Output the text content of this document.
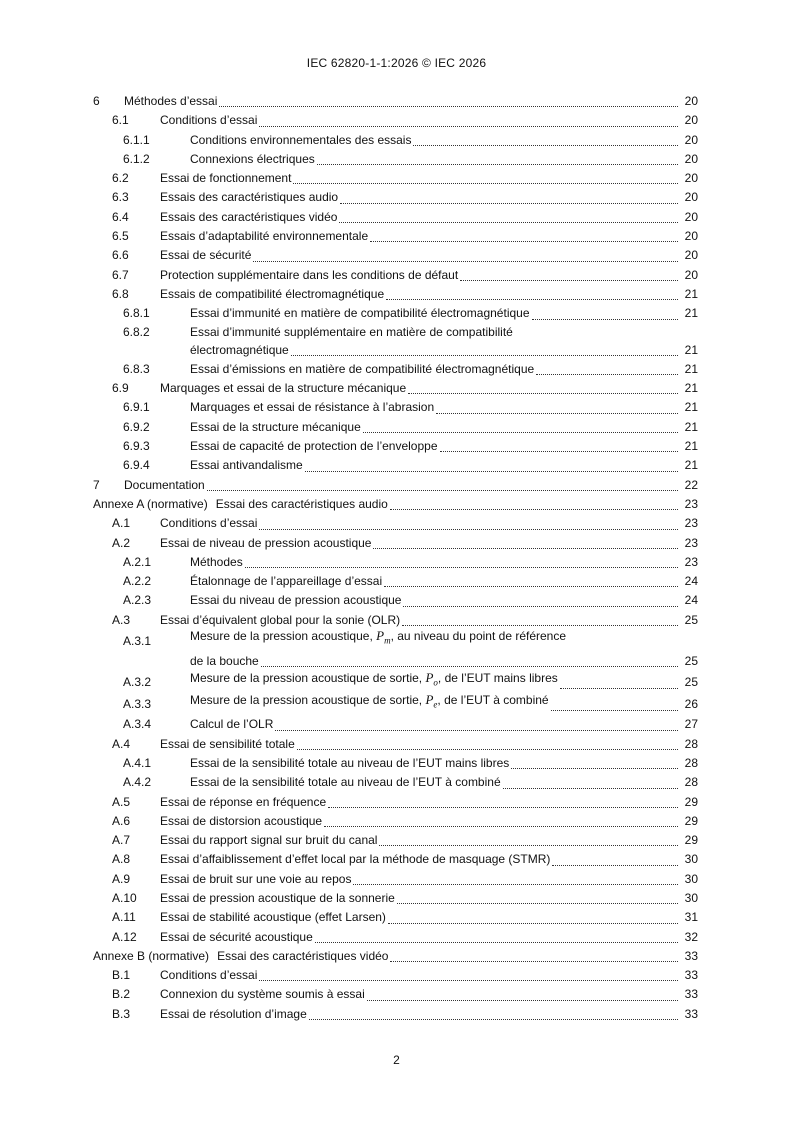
IEC 62820-1-1:2026 © IEC 2026
6	Méthodes d’essai	20
6.1	Conditions d’essai	20
6.1.1	Conditions environnementales des essais	20
6.1.2	Connexions électriques	20
6.2	Essai de fonctionnement	20
6.3	Essais des caractéristiques audio	20
6.4	Essais des caractéristiques vidéo	20
6.5	Essais d’adaptabilité environnementale	20
6.6	Essai de sécurité	20
6.7	Protection supplémentaire dans les conditions de défaut	20
6.8	Essais de compatibilité électromagnétique	21
6.8.1	Essai d’immunité en matière de compatibilité électromagnétique	21
6.8.2	Essai d’immunité supplémentaire en matière de compatibilité
électromagnétique	21
6.8.3	Essai d’émissions en matière de compatibilité électromagnétique	21
6.9	Marquages et essai de la structure mécanique	21
6.9.1	Marquages et essai de résistance à l’abrasion	21
6.9.2	Essai de la structure mécanique	21
6.9.3	Essai de capacité de protection de l’enveloppe	21
6.9.4	Essai antivandalisme	21
7	Documentation	22
Annexe A (normative) Essai des caractéristiques audio	23
A.1	Conditions d’essai	23
A.2	Essai de niveau de pression acoustique	23
A.2.1	Méthodes	23
A.2.2	Étalonnage de l’appareillage d’essai	24
A.2.3	Essai du niveau de pression acoustique	24
A.3	Essai d’équivalent global pour la sonie (OLR)	25
A.3.1	Mesure de la pression acoustique, $P_m$, au niveau du point de référence
de la bouche	25
A.3.2	Mesure de la pression acoustique de sortie, $P_o$, de l’EUT mains libres	25
A.3.3	Mesure de la pression acoustique de sortie, $P_e$, de l’EUT à combiné	26
A.3.4	Calcul de l’OLR	27
A.4	Essai de sensibilité totale	28
A.4.1	Essai de la sensibilité totale au niveau de l’EUT mains libres	28
A.4.2	Essai de la sensibilité totale au niveau de l’EUT à combiné	28
A.5	Essai de réponse en fréquence	29
A.6	Essai de distorsion acoustique	29
A.7	Essai du rapport signal sur bruit du canal	29
A.8	Essai d’affaiblissement d’effet local par la méthode de masquage (STMR)	30
A.9	Essai de bruit sur une voie au repos	30
A.10	Essai de pression acoustique de la sonnerie	30
A.11	Essai de stabilité acoustique (effet Larsen)	31
A.12	Essai de sécurité acoustique	32
Annexe B (normative) Essai des caractéristiques vidéo	33
B.1	Conditions d’essai	33
B.2	Connexion du système soumis à essai	33
B.3	Essai de résolution d’image	33
2
